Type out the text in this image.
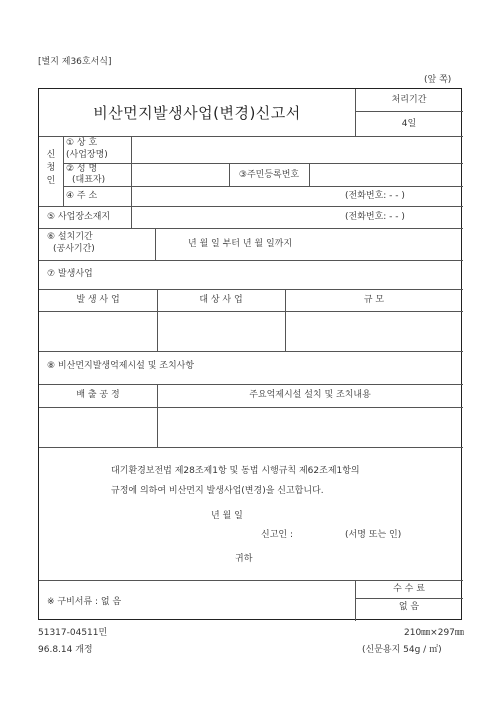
[별지 제36호서식]
(앞 쪽)
비산먼지발생사업(변경)신고서
처리기간
4일
신
청
인
① 상 호
(사업장명)
② 성 명
(대표자)	③주민등록번호
④ 주 소	(전화번호: - - )
⑤ 사업장소재지	(전화번호: - - )
⑥ 설치기간
(공사기간)	년 월 일 부터 년 월 일까지
⑦ 발생사업
발 생 사 업	대 상 사 업	규 모
⑧ 비산먼지발생억제시설 및 조치사항
배 출 공 정	주요억제시설 설치 및 조치내용
대기환경보전법 제28조제1항 및 동법 시행규칙 제62조제1항의
규정에 의하여 비산먼지 발생사업(변경)을 신고합니다.
년 월 일
신고인 :	(서명 또는 인)
귀하
※ 구비서류 : 없 음
수 수 료
없 음
51317-04511민	210㎜×297㎜
96.8.14 개정	(신문용지 54g / ㎡)
